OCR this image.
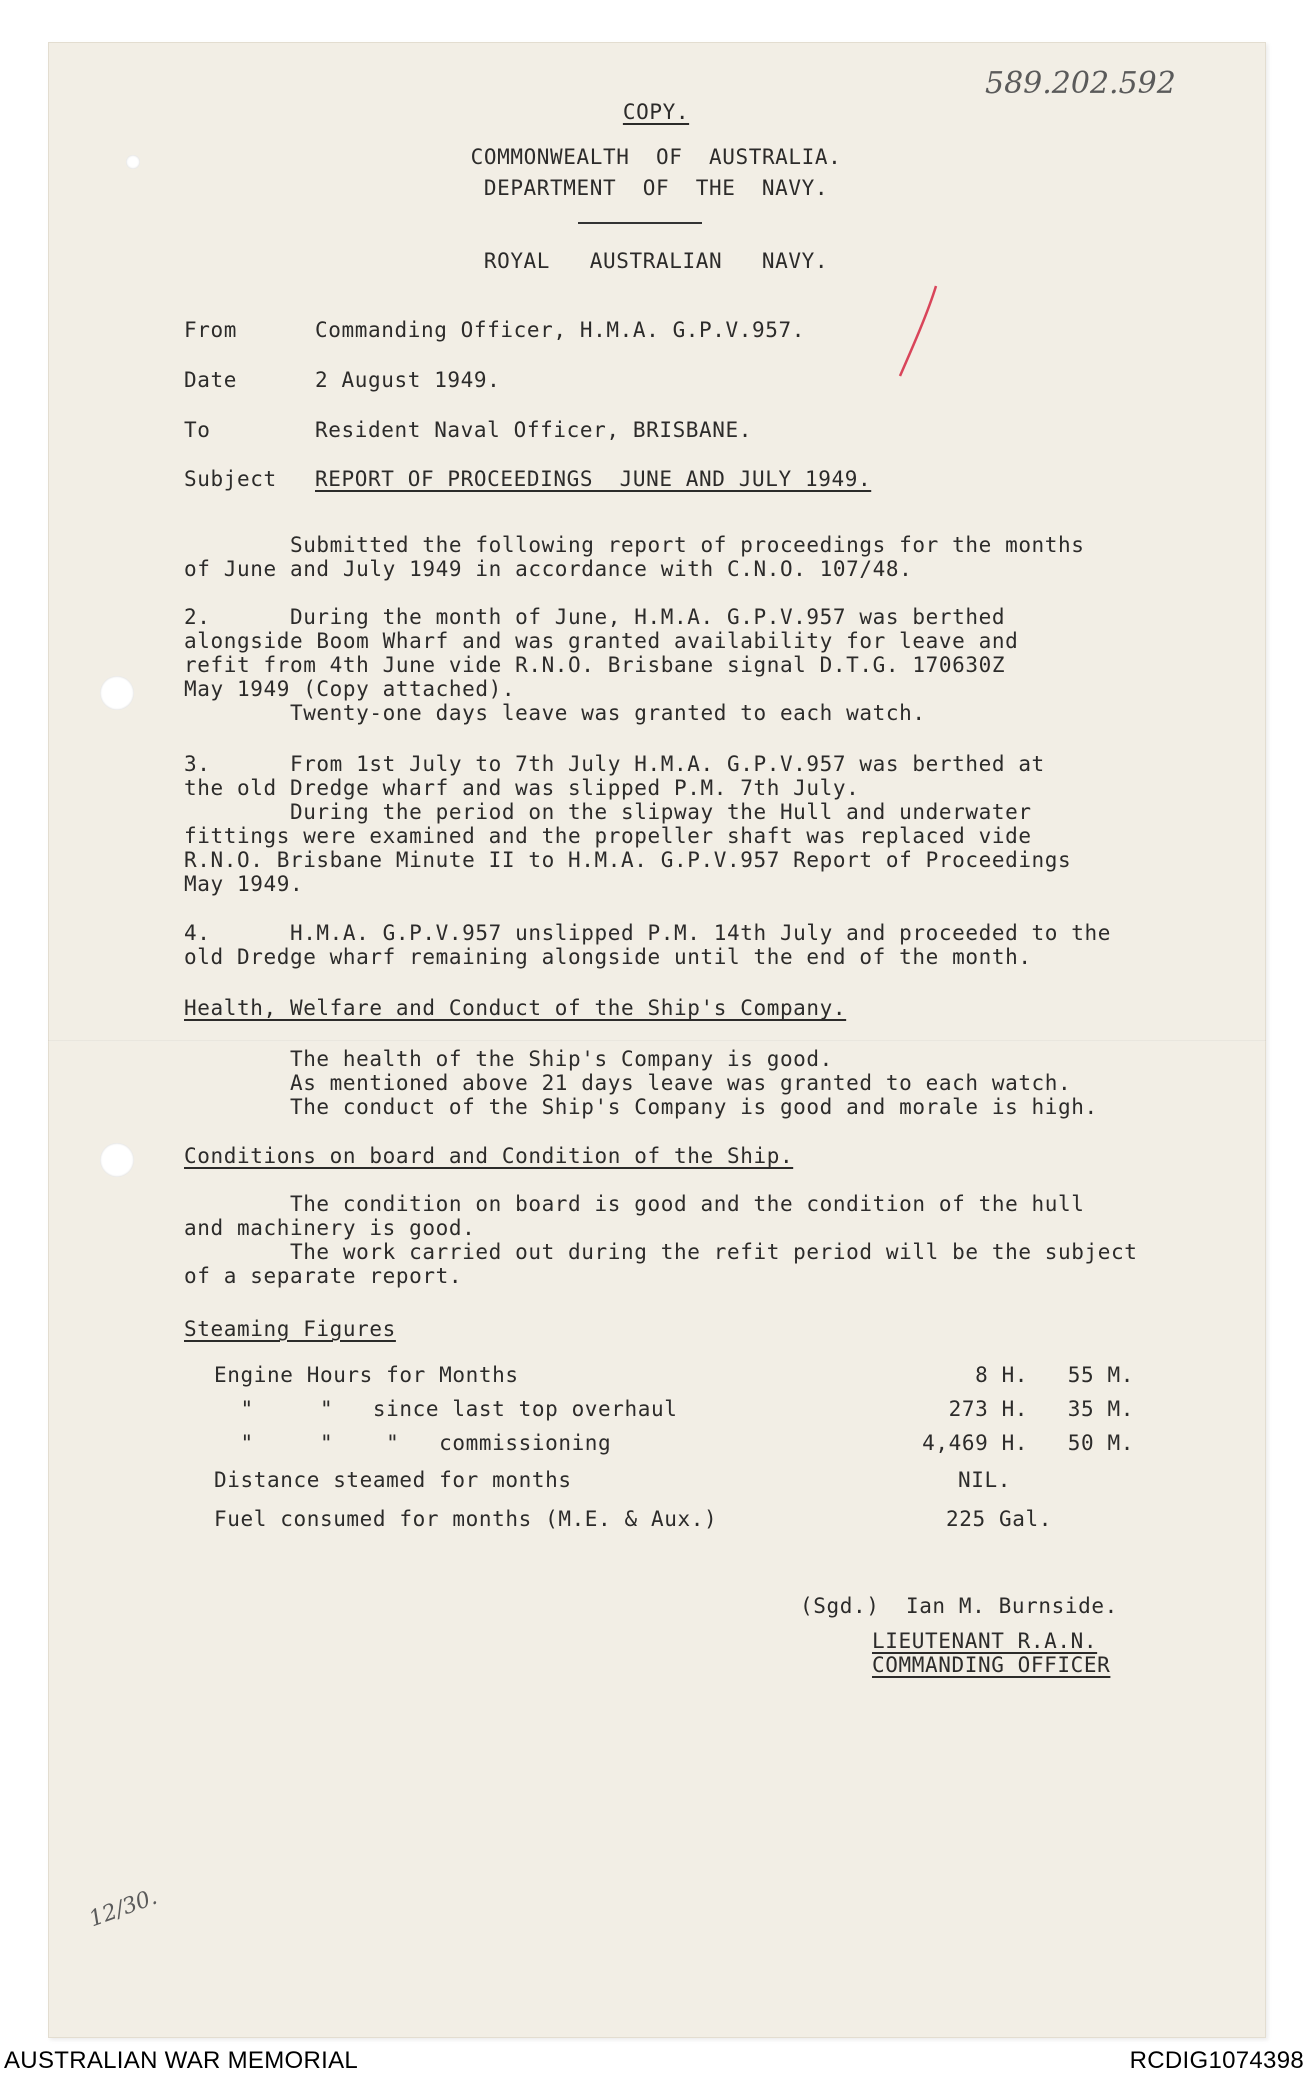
589.202.592
COPY.
COMMONWEALTH  OF  AUSTRALIA.
DEPARTMENT  OF  THE  NAVY.
ROYAL   AUSTRALIAN   NAVY.
From	Commanding Officer, H.M.A. G.P.V.957.
Date	2 August 1949.
To	Resident Naval Officer, BRISBANE.
Subject REPORT OF PROCEEDINGS  JUNE AND JULY 1949.
Submitted the following report of proceedings for the months
of June and July 1949 in accordance with C.N.O. 107/48.
2.      During the month of June, H.M.A. G.P.V.957 was berthed
alongside Boom Wharf and was granted availability for leave and
refit from 4th June vide R.N.O. Brisbane signal D.T.G. 170630Z
May 1949 (Copy attached).
Twenty-one days leave was granted to each watch.
3.      From 1st July to 7th July H.M.A. G.P.V.957 was berthed at
the old Dredge wharf and was slipped P.M. 7th July.
During the period on the slipway the Hull and underwater
fittings were examined and the propeller shaft was replaced vide
R.N.O. Brisbane Minute II to H.M.A. G.P.V.957 Report of Proceedings
May 1949.
4.      H.M.A. G.P.V.957 unslipped P.M. 14th July and proceeded to the
old Dredge wharf remaining alongside until the end of the month.
Health, Welfare and Conduct of the Ship's Company.
The health of the Ship's Company is good.
As mentioned above 21 days leave was granted to each watch.
The conduct of the Ship's Company is good and morale is high.
Conditions on board and Condition of the Ship.
The condition on board is good and the condition of the hull
and machinery is good.
The work carried out during the refit period will be the subject
of a separate report.
Steaming Figures
Engine Hours for Months	8 H.   55 M.
"     "   since last top overhaul	273 H.   35 M.
"     "    "   commissioning	4,469 H.   50 M.
Distance steamed for months	NIL.
Fuel consumed for months (M.E. & Aux.)	225 Gal.
(Sgd.)  Ian M. Burnside.
LIEUTENANT R.A.N.
COMMANDING OFFICER
12/30.
AUSTRALIAN WAR MEMORIAL	RCDIG1074398
